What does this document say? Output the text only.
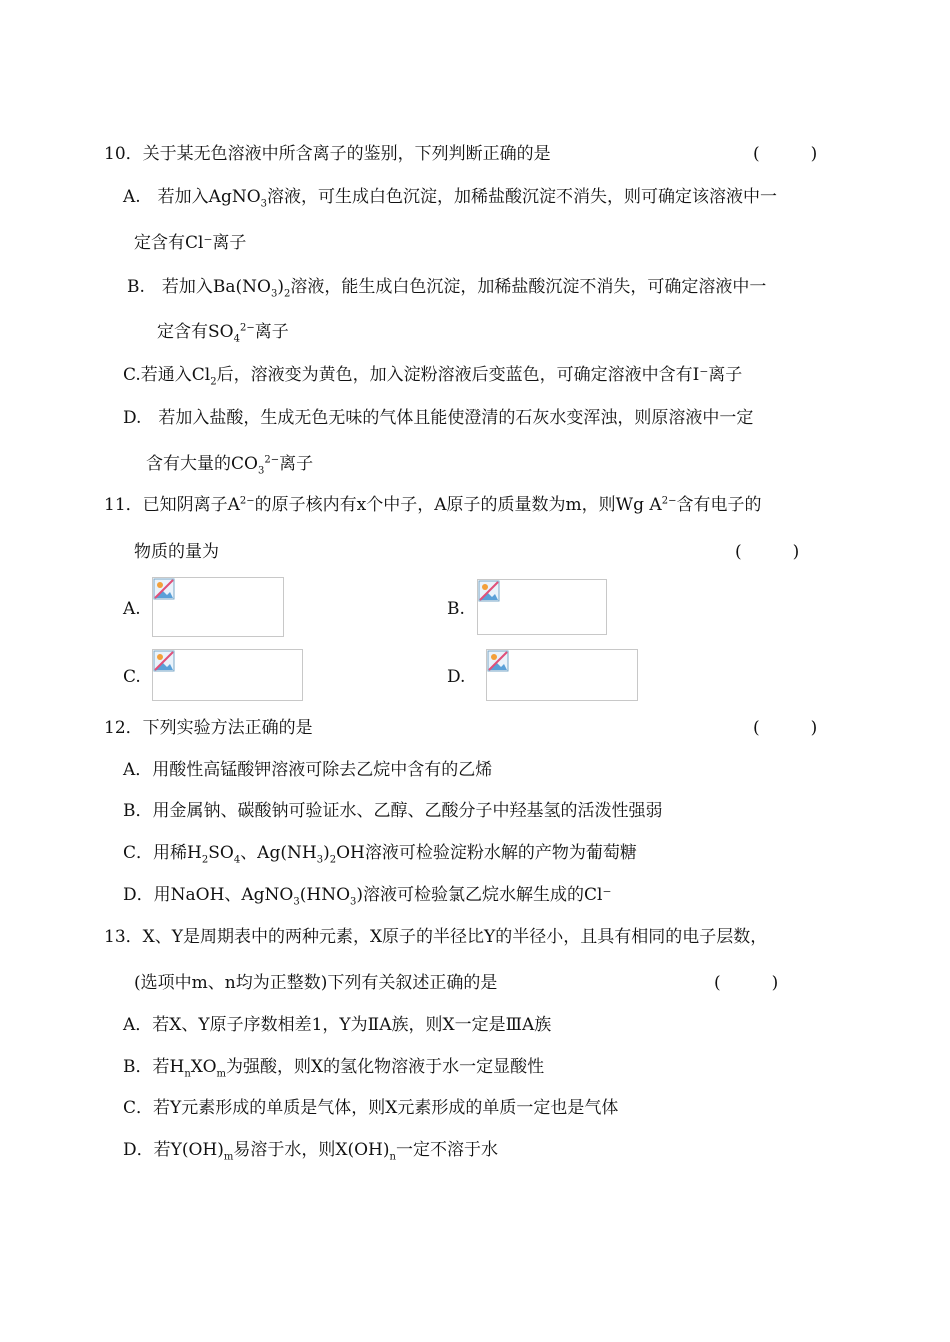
10．关于某无色溶液中所含离子的鉴别，下列判断正确的是	(　　　)
A.　若加入AgNO$_3$溶液，可生成白色沉淀，加稀盐酸沉淀不消失，则可确定该溶液中一
定含有Cl⁻离子
B.　若加入$Ba(NO_3)_2$溶液，能生成白色沉淀，加稀盐酸沉淀不消失，可确定溶液中一
定含有$SO_4^{2-}$离子
C.若通入$Cl_2$后，溶液变为黄色，加入淀粉溶液后变蓝色，可确定溶液中含有I⁻离子
D.　若加入盐酸，生成无色无味的气体且能使澄清的石灰水变浑浊，则原溶液中一定
含有大量的$CO_3^{2-}$离子
11．已知阴离子$A^{2-}$的原子核内有x个中子，A原子的质量数为m，则Wg $A^{2-}$含有电子的
物质的量为	(　　　)
A.	B.
C.	D.
12．下列实验方法正确的是	(　　　)
A．用酸性高锰酸钾溶液可除去乙烷中含有的乙烯
B．用金属钠、碳酸钠可验证水、乙醇、乙酸分子中羟基氢的活泼性强弱
C．用稀$H_2SO_4$、$Ag(NH_3)_2OH$溶液可检验淀粉水解的产物为葡萄糖
D．用NaOH、$AgNO_3(HNO_3)$溶液可检验氯乙烷水解生成的Cl⁻
13．X、Y是周期表中的两种元素，X原子的半径比Y的半径小，且具有相同的电子层数，
(选项中m、n均为正整数)下列有关叙述正确的是	(　　　)
A．若X、Y原子序数相差1，Y为ⅡA族，则X一定是ⅢA族
B．若$H_nXO_m$为强酸，则X的氢化物溶液于水一定显酸性
C．若Y元素形成的单质是气体，则X元素形成的单质一定也是气体
D．若$Y(OH)_m$易溶于水，则$X(OH)_n$一定不溶于水
